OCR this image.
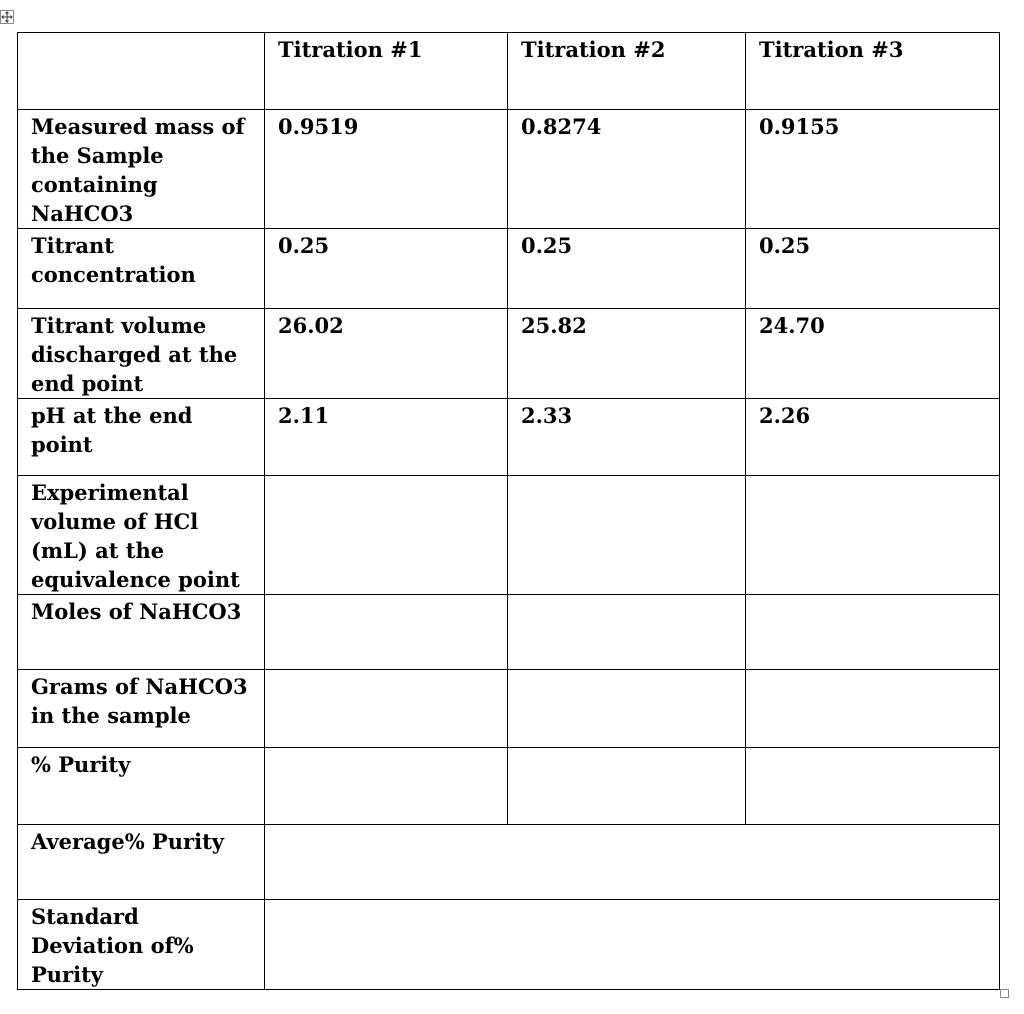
	Titration #1	Titration #2	Titration #3
Measured mass of the Sample containing NaHCO3	0.9519	0.8274	0.9155
Titrant concentration	0.25	0.25	0.25
Titrant volume discharged at the end point	26.02	25.82	24.70
pH at the end point	2.11	2.33	2.26
Experimental volume of HCl (mL) at the equivalence point			
Moles of NaHCO3			
Grams of NaHCO3 in the sample			
% Purity			
Average% Purity			
Standard Deviation of% Purity			
